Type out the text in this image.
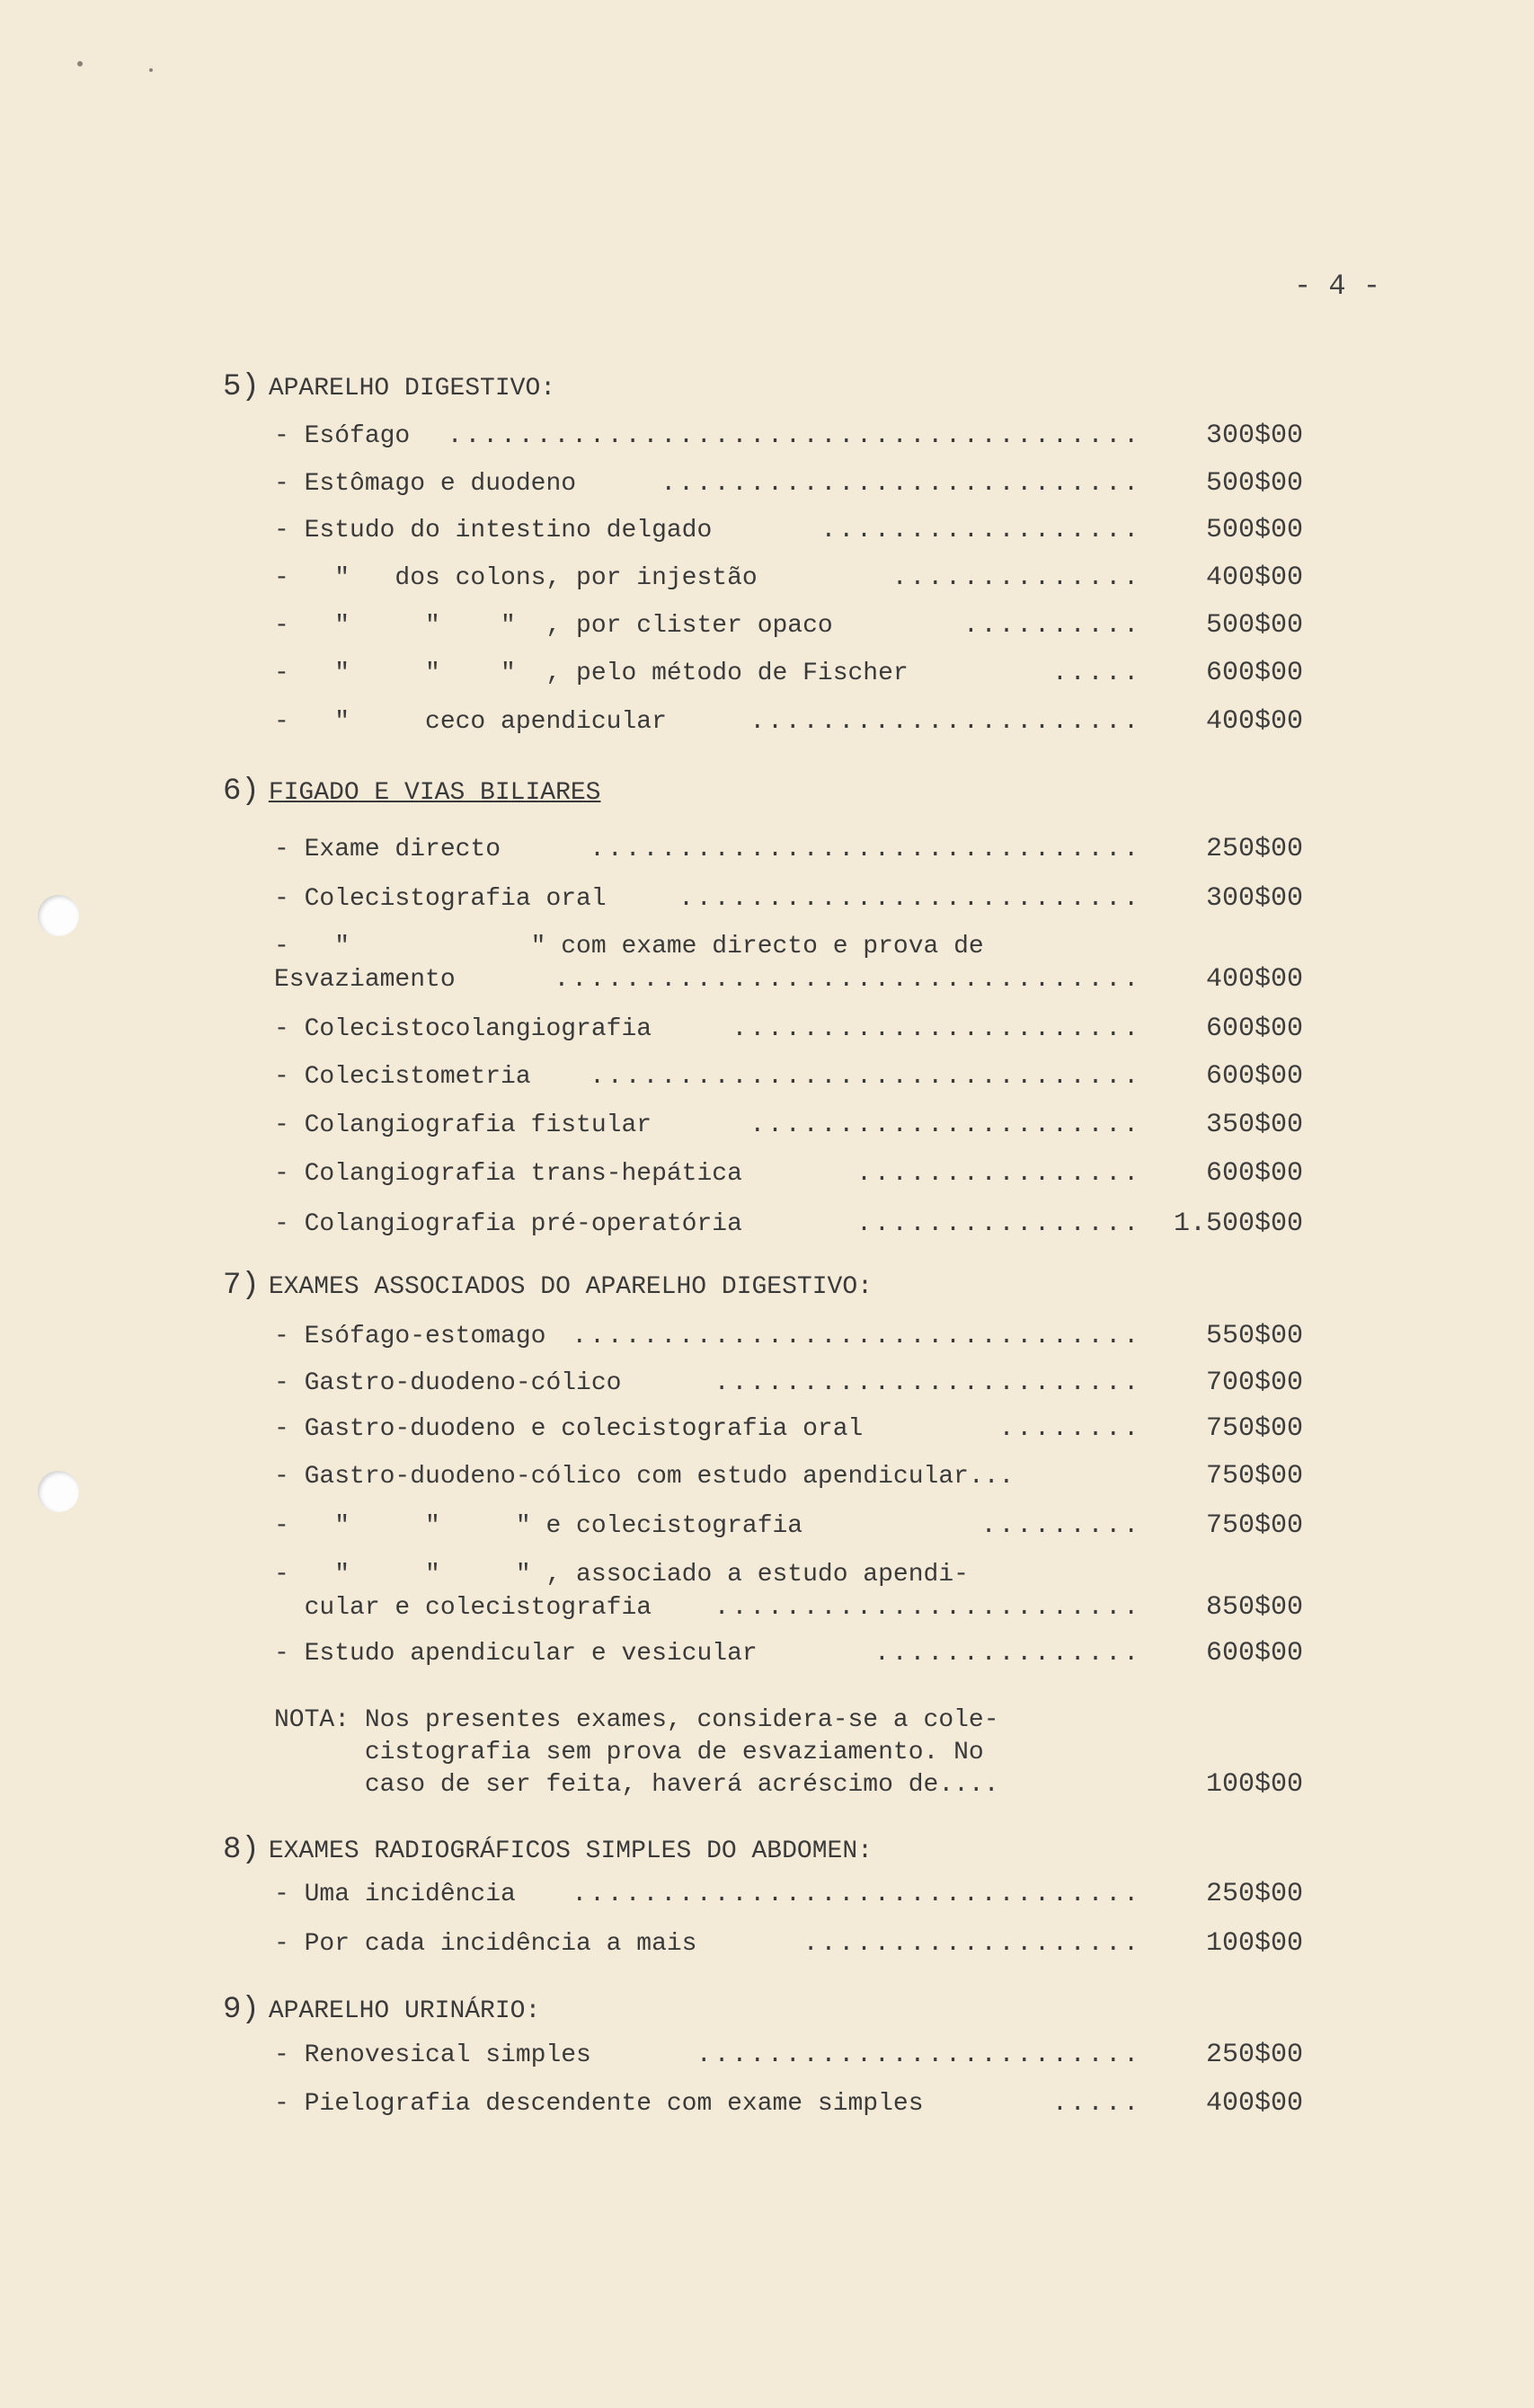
- 4 -
5) APARELHO DIGESTIVO:
- Esófago .......................................	300$00
- Estômago e duodeno	...........................	500$00
- Estudo do intestino delgado	..................	500$00
-   "   dos colons, por injestão	..............	400$00
-   "     "    "  , por clister opaco	..........	500$00
-   "     "    "  , pelo método de Fischer	.....	600$00
-   "     ceco apendicular	......................	400$00
6) FIGADO E VIAS BILIARES
- Exame directo	...............................	250$00
- Colecistografia oral	..........................	300$00
-   "            " com exame directo e prova de
Esvaziamento	.................................	400$00
- Colecistocolangiografia	.......................	600$00
- Colecistometria ...............................	600$00
- Colangiografia fistular	......................	350$00
- Colangiografia trans-hepática	................	600$00
- Colangiografia pré-operatória	................	1.500$00
7) EXAMES ASSOCIADOS DO APARELHO DIGESTIVO:
- Esófago-estomago ................................	550$00
- Gastro-duodeno-cólico	........................	700$00
- Gastro-duodeno e colecistografia oral	........	750$00
- Gastro-duodeno-cólico com estudo apendicular...	750$00
-   "     "     " e colecistografia	.........	750$00
-   "     "     " , associado a estudo apendi-
cular e colecistografia ........................	850$00
- Estudo apendicular e vesicular	...............	600$00
NOTA: Nos presentes exames, considera-se a cole-
cistografia sem prova de esvaziamento. No
caso de ser feita, haverá acréscimo de....	100$00
8) EXAMES RADIOGRÁFICOS SIMPLES DO ABDOMEN:
- Uma incidência ................................	250$00
- Por cada incidência a mais	...................	100$00
9) APARELHO URINÁRIO:
- Renovesical simples	.........................	250$00
- Pielografia descendente com exame simples	.....	400$00
